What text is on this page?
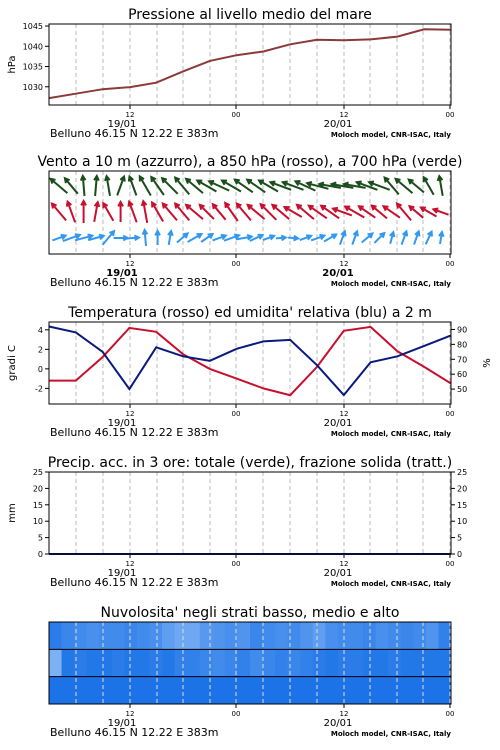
Pressione al livello medio del mare
12	00	12	00
19/01	20/01
Belluno 46.15 N 12.22 E 383m	Moloch model, CNR-ISAC, Italy
1045
1040
1035
1030
hPa
Vento a 10 m (azzurro), a 850 hPa (rosso), a 700 hPa (verde)
12	00	12	00
19/01	20/01
Belluno 46.15 N 12.22 E 383m	Moloch model, CNR-ISAC, Italy
Temperatura (rosso) ed umidita' relativa (blu) a 2 m
12	00	12	00
19/01	20/01
Belluno 46.15 N 12.22 E 383m	Moloch model, CNR-ISAC, Italy
4
2
0
-2
90
80
70
60
50
gradi C	%
Precip. acc. in 3 ore: totale (verde), frazione solida (tratt.)
12	00	12	00
19/01	20/01
Belluno 46.15 N 12.22 E 383m	Moloch model, CNR-ISAC, Italy
25	25
20	20
15	15
10	10
5	5
0	0
mm
Nuvolosita' negli strati basso, medio e alto
12	00	12	00
19/01	20/01
Belluno 46.15 N 12.22 E 383m	Moloch model, CNR-ISAC, Italy
